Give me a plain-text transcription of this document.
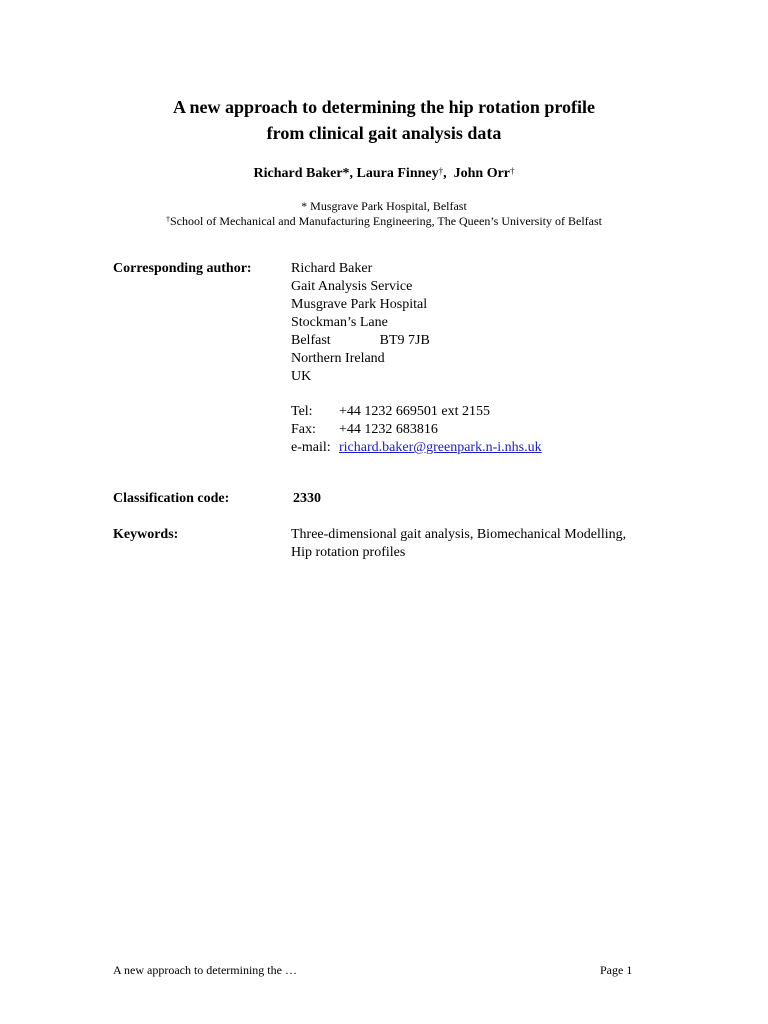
A new approach to determining the hip rotation profile
from clinical gait analysis data
Richard Baker*, Laura Finney†,  John Orr†
* Musgrave Park Hospital, Belfast
†School of Mechanical and Manufacturing Engineering, The Queen’s University of Belfast
Corresponding author:	Richard Baker
Gait Analysis Service
Musgrave Park Hospital
Stockman’s Lane
Belfast	BT9 7JB
Northern Ireland
UK
Tel: +44 1232 669501 ext 2155
Fax: +44 1232 683816
e-mail: richard.baker@greenpark.n-i.nhs.uk
Classification code:	2330
Keywords:	Three-dimensional gait analysis, Biomechanical Modelling,
Hip rotation profiles
A new approach to determining the …	Page 1
